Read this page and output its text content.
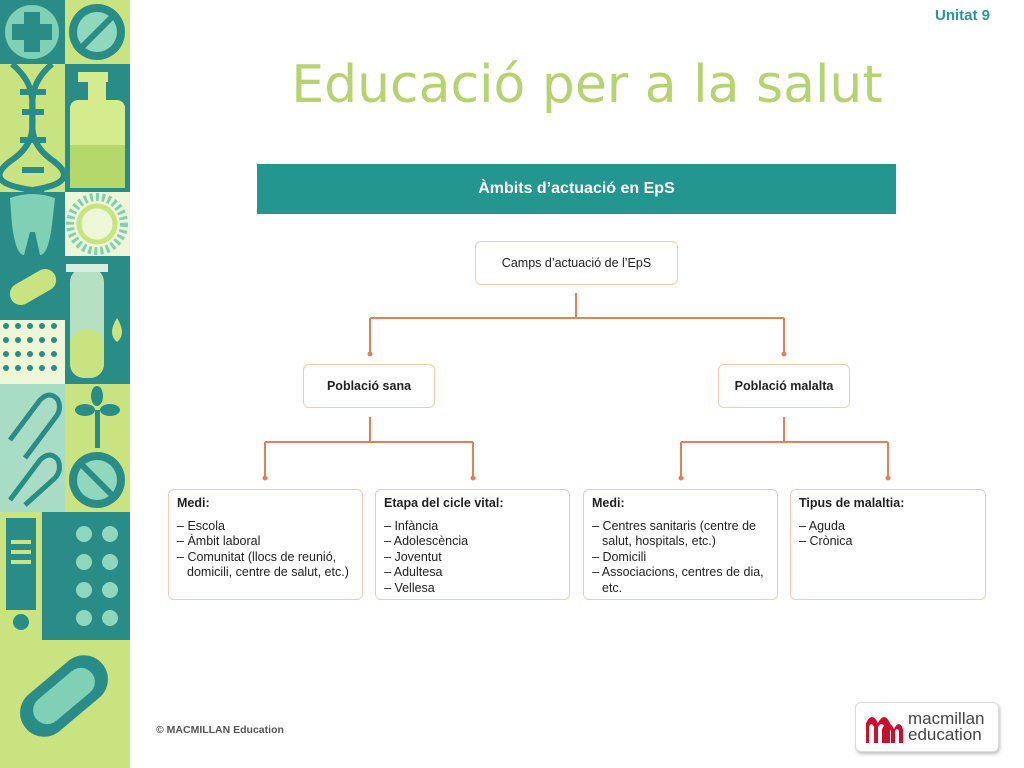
Unitat 9
Educació per a la salut
Àmbits d’actuació en EpS
Camps d’actuació de l’EpS
Població sana	Població malalta
Medi:
– Escola
– Àmbit laboral
– Comunitat (llocs de reunió, domicili, centre de salut, etc.)
Etapa del cicle vital:
– Infància
– Adolescència
– Joventut
– Adultesa
– Vellesa
Medi:
– Centres sanitaris (centre de salut, hospitals, etc.)
– Domicili
– Associacions, centres de dia, etc.
Tipus de malaltia:
– Aguda
– Crònica
© MACMILLAN Education
macmillan
education
